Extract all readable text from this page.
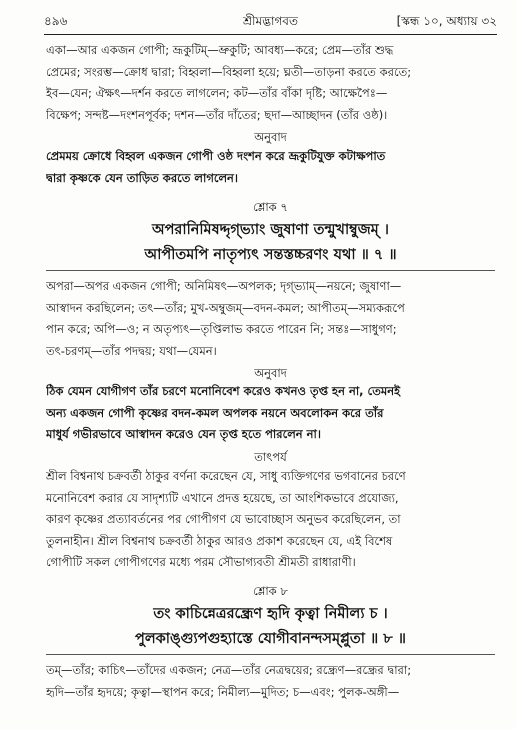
৪৯৬	শ্রীমদ্ভাগবত	[স্কন্ধ ১০, অধ্যায় ৩২
একা—আর একজন গোপী; ভ্রূকুটিম্—ভ্রুকুটি; আবধ্য—করে; প্রেম—তাঁর শুদ্ধ
প্রেমের; সংরম্ভ—ক্রোধ দ্বারা; বিহ্বলা—বিহ্বলা হয়ে; ঘ্নতী—তাড়না করতে করতে;
ইব—যেন; ঐক্ষৎ—দর্শন করতে লাগলেন; কট—তাঁর বাঁকা দৃষ্টি; আক্ষেপৈঃ—
বিক্ষেপ; সন্দষ্ট—দংশনপূর্বক; দশন—তাঁর দাঁতের; ছদা—আচ্ছাদন (তাঁর ওষ্ঠ)।
অনুবাদ
প্রেমময় ক্রোধে বিহ্বল একজন গোপী ওষ্ঠ দংশন করে ভ্রূকুটিযুক্ত কটাক্ষপাত
দ্বারা কৃষ্ণকে যেন তাড়িত করতে লাগলেন।
শ্লোক ৭
অপরানিমিষদ্দৃগ্ভ্যাং জুষাণা তন্মুখাম্বুজম্ ।
আপীতমপি নাতৃপ্যৎ সন্তস্তচ্চরণং যথা ॥ ৭ ॥
অপরা—অপর একজন গোপী; অনিমিষৎ—অপলক; দৃগ্ভ্যাম্—নয়নে; জুষাণা—
আস্বাদন করছিলেন; তৎ—তাঁর; মুখ-অম্বুজম্—বদন-কমল; আপীতম্—সম্যকরূপে
পান করে; অপি—ও; ন অতৃপ্যৎ—তৃপ্তিলাভ করতে পারেন নি; সন্তঃ—সাধুগণ;
তৎ-চরণম্—তাঁর পদদ্বয়; যথা—যেমন।
অনুবাদ
ঠিক যেমন যোগীগণ তাঁর চরণে মনোনিবেশ করেও কখনও তৃপ্ত হন না, তেমনই
অন্য একজন গোপী কৃষ্ণের বদন-কমল অপলক নয়নে অবলোকন করে তাঁর
মাধুর্য গভীরভাবে আস্বাদন করেও যেন তৃপ্ত হতে পারলেন না।
তাৎপর্য
শ্রীল বিশ্বনাথ চক্রবর্তী ঠাকুর বর্ণনা করেছেন যে, সাধু ব্যক্তিগণের ভগবানের চরণে
মনোনিবেশ করার যে সাদৃশ্যটি এখানে প্রদত্ত হয়েছে, তা আংশিকভাবে প্রযোজ্য,
কারণ কৃষ্ণের প্রত্যাবর্তনের পর গোপীগণ যে ভাবোচ্ছাস অনুভব করেছিলেন, তা
তুলনাহীন। শ্রীল বিশ্বনাথ চক্রবর্তী ঠাকুর আরও প্রকাশ করেছেন যে, এই বিশেষ
গোপীটি সকল গোপীগণের মধ্যে পরম সৌভাগ্যবতী শ্রীমতী রাধারাণী।
শ্লোক ৮
তং কাচিন্নেত্ররন্ধ্রেণ হৃদি কৃত্বা নিমীল্য চ ।
পুলকাঙ্গ্যুপগুহ্যাস্তে যোগীবানন্দসম্প্লুতা ॥ ৮ ॥
তম্—তাঁর; কাচিৎ—তাঁদের একজন; নেত্র—তাঁর নেত্রদ্বয়ের; রন্ধ্রেণ—রন্ধ্রের দ্বারা;
হৃদি—তাঁর হৃদয়ে; কৃত্বা—স্থাপন করে; নিমীল্য—মুদিত; চ—এবং; পুলক-অঙ্গী—
